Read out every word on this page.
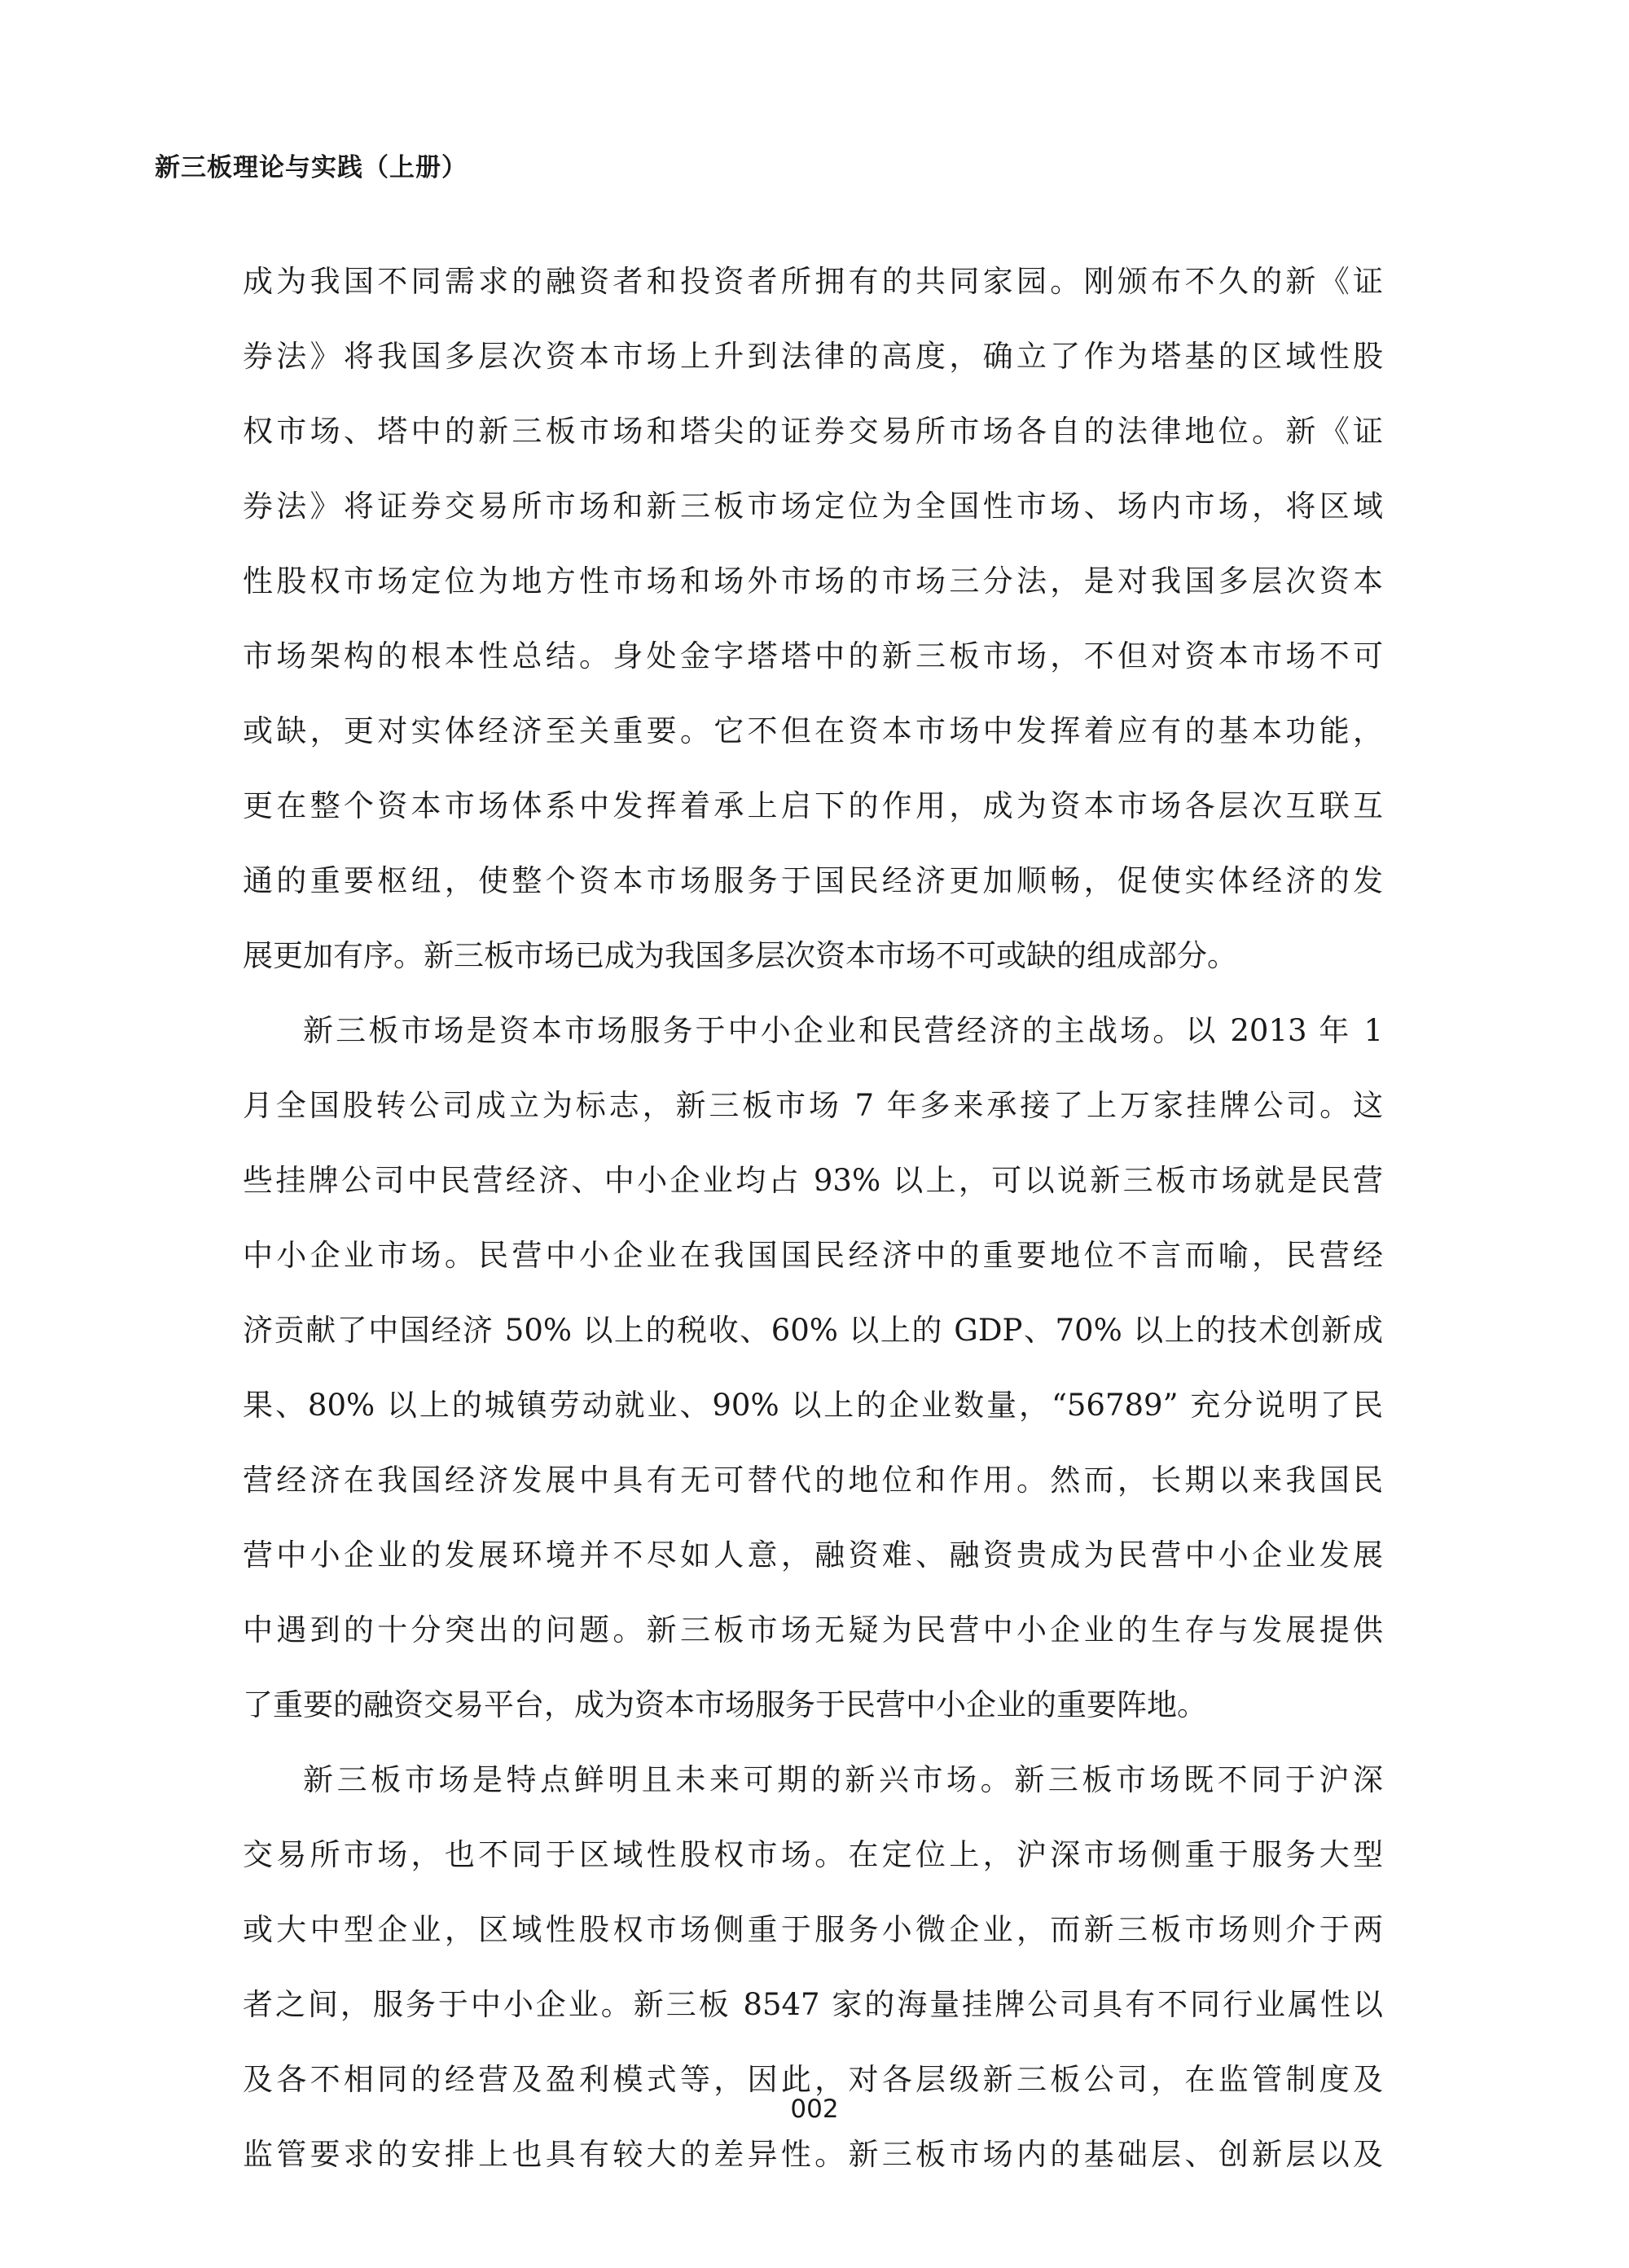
新三板理论与实践（上册）
成为我国不同需求的融资者和投资者所拥有的共同家园。刚颁布不久的新《证
券法》将我国多层次资本市场上升到法律的高度，确立了作为塔基的区域性股
权市场、塔中的新三板市场和塔尖的证券交易所市场各自的法律地位。新《证
券法》将证券交易所市场和新三板市场定位为全国性市场、场内市场，将区域
性股权市场定位为地方性市场和场外市场的市场三分法，是对我国多层次资本
市场架构的根本性总结。身处金字塔塔中的新三板市场，不但对资本市场不可
或缺，更对实体经济至关重要。它不但在资本市场中发挥着应有的基本功能，
更在整个资本市场体系中发挥着承上启下的作用，成为资本市场各层次互联互
通的重要枢纽，使整个资本市场服务于国民经济更加顺畅，促使实体经济的发
展更加有序。新三板市场已成为我国多层次资本市场不可或缺的组成部分。
新三板市场是资本市场服务于中小企业和民营经济的主战场。以 2013 年 1
月全国股转公司成立为标志，新三板市场 7 年多来承接了上万家挂牌公司。这
些挂牌公司中民营经济、中小企业均占 93% 以上，可以说新三板市场就是民营
中小企业市场。民营中小企业在我国国民经济中的重要地位不言而喻，民营经
济贡献了中国经济 50% 以上的税收、60% 以上的 GDP、70% 以上的技术创新成
果、80% 以上的城镇劳动就业、90% 以上的企业数量，“56789” 充分说明了民
营经济在我国经济发展中具有无可替代的地位和作用。然而，长期以来我国民
营中小企业的发展环境并不尽如人意，融资难、融资贵成为民营中小企业发展
中遇到的十分突出的问题。新三板市场无疑为民营中小企业的生存与发展提供
了重要的融资交易平台，成为资本市场服务于民营中小企业的重要阵地。
新三板市场是特点鲜明且未来可期的新兴市场。新三板市场既不同于沪深
交易所市场，也不同于区域性股权市场。在定位上，沪深市场侧重于服务大型
或大中型企业，区域性股权市场侧重于服务小微企业，而新三板市场则介于两
者之间，服务于中小企业。新三板 8547 家的海量挂牌公司具有不同行业属性以
及各不相同的经营及盈利模式等，因此，对各层级新三板公司，在监管制度及
监管要求的安排上也具有较大的差异性。新三板市场内的基础层、创新层以及
002
